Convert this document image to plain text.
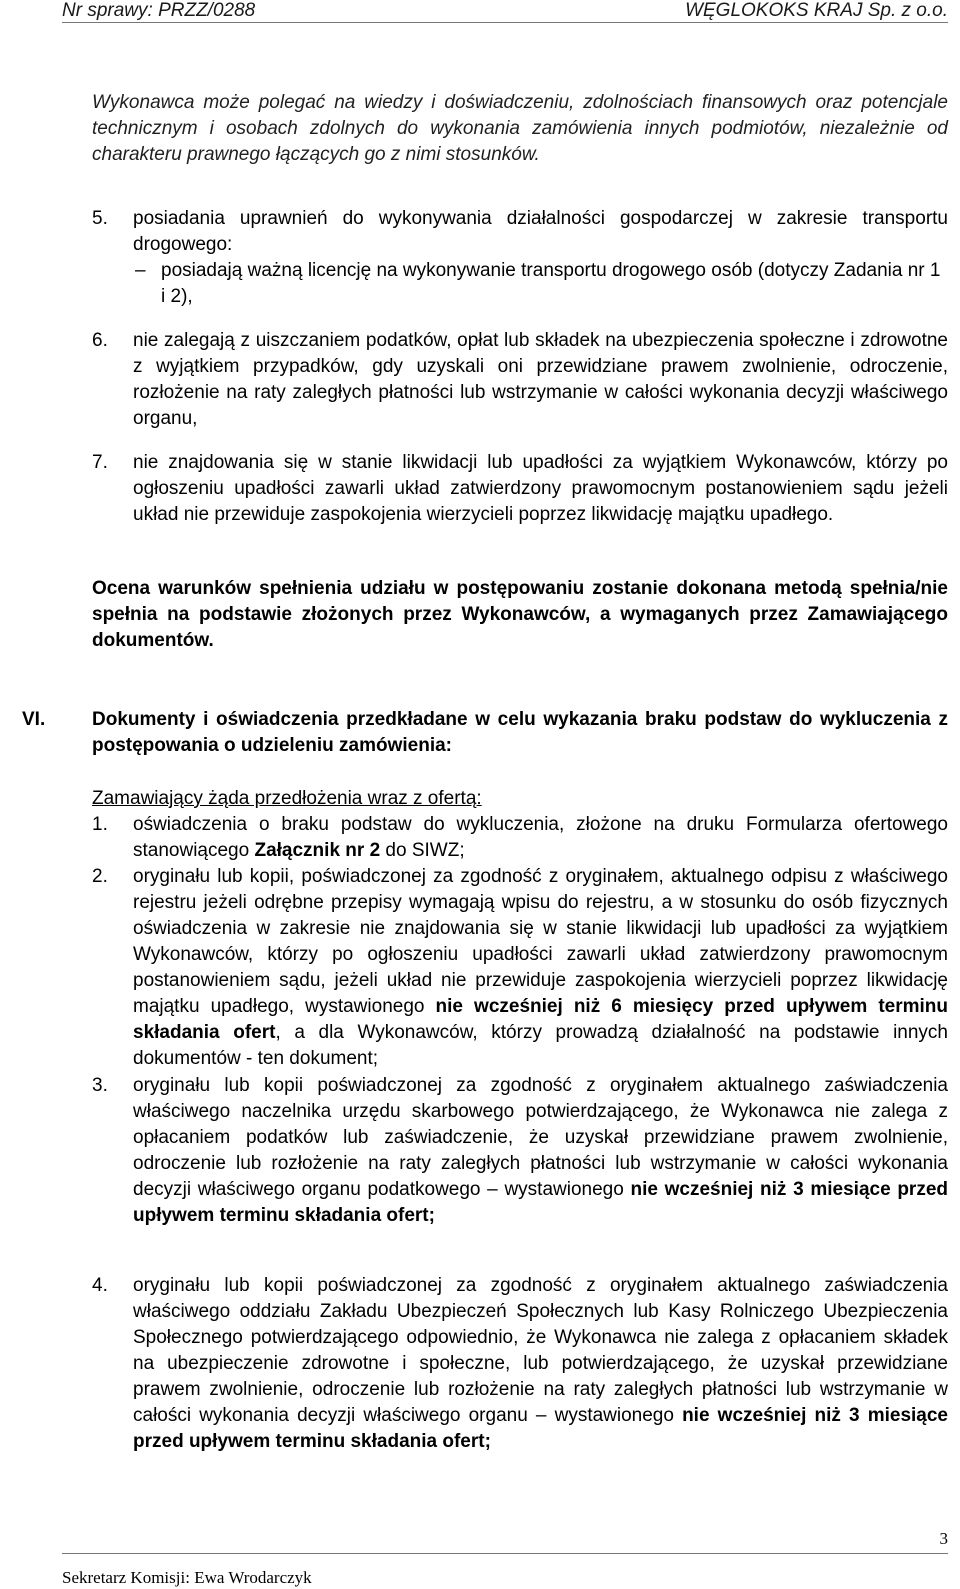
Nr sprawy: PRZZ/0288	WĘGLOKOKS KRAJ Sp. z o.o.
Wykonawca może polegać na wiedzy i doświadczeniu, zdolnościach finansowych oraz potencjale technicznym i osobach zdolnych do wykonania zamówienia innych podmiotów, niezależnie od charakteru prawnego łączących go z nimi stosunków.
5. posiadania uprawnień do wykonywania działalności gospodarczej w zakresie transportu drogowego:
– posiadają ważną licencję na wykonywanie transportu drogowego osób (dotyczy Zadania nr 1 i 2),
6. nie zalegają z uiszczaniem podatków, opłat lub składek na ubezpieczenia społeczne i zdrowotne z wyjątkiem przypadków, gdy uzyskali oni przewidziane prawem zwolnienie, odroczenie, rozłożenie na raty zaległych płatności lub wstrzymanie w całości wykonania decyzji właściwego organu,
7. nie znajdowania się w stanie likwidacji lub upadłości za wyjątkiem Wykonawców, którzy po ogłoszeniu upadłości zawarli układ zatwierdzony prawomocnym postanowieniem sądu jeżeli układ nie przewiduje zaspokojenia wierzycieli poprzez likwidację majątku upadłego.
Ocena warunków spełnienia udziału w postępowaniu zostanie dokonana metodą spełnia/nie spełnia na podstawie złożonych przez Wykonawców, a wymaganych przez Zamawiającego dokumentów.
VI. Dokumenty i oświadczenia przedkładane w celu wykazania braku podstaw do wykluczenia z postępowania o udzieleniu zamówienia:
Zamawiający żąda przedłożenia wraz z ofertą:
1. oświadczenia o braku podstaw do wykluczenia, złożone na druku Formularza ofertowego stanowiącego Załącznik nr 2 do SIWZ;
2. oryginału lub kopii, poświadczonej za zgodność z oryginałem, aktualnego odpisu z właściwego rejestru jeżeli odrębne przepisy wymagają wpisu do rejestru, a w stosunku do osób fizycznych oświadczenia w zakresie nie znajdowania się w stanie likwidacji lub upadłości za wyjątkiem Wykonawców, którzy po ogłoszeniu upadłości zawarli układ zatwierdzony prawomocnym postanowieniem sądu, jeżeli układ nie przewiduje zaspokojenia wierzycieli poprzez likwidację majątku upadłego, wystawionego nie wcześniej niż 6 miesięcy przed upływem terminu składania ofert, a dla Wykonawców, którzy prowadzą działalność na podstawie innych dokumentów - ten dokument;
3. oryginału lub kopii poświadczonej za zgodność z oryginałem aktualnego zaświadczenia właściwego naczelnika urzędu skarbowego potwierdzającego, że Wykonawca nie zalega z opłacaniem podatków lub zaświadczenie, że uzyskał przewidziane prawem zwolnienie, odroczenie lub rozłożenie na raty zaległych płatności lub wstrzymanie w całości wykonania decyzji właściwego organu podatkowego – wystawionego nie wcześniej niż 3 miesiące przed upływem terminu składania ofert;
4. oryginału lub kopii poświadczonej za zgodność z oryginałem aktualnego zaświadczenia właściwego oddziału Zakładu Ubezpieczeń Społecznych lub Kasy Rolniczego Ubezpieczenia Społecznego potwierdzającego odpowiednio, że Wykonawca nie zalega z opłacaniem składek na ubezpieczenie zdrowotne i społeczne, lub potwierdzającego, że uzyskał przewidziane prawem zwolnienie, odroczenie lub rozłożenie na raty zaległych płatności lub wstrzymanie w całości wykonania decyzji właściwego organu – wystawionego nie wcześniej niż 3 miesiące przed upływem terminu składania ofert;
Sekretarz Komisji: Ewa Wrodarczyk
3
